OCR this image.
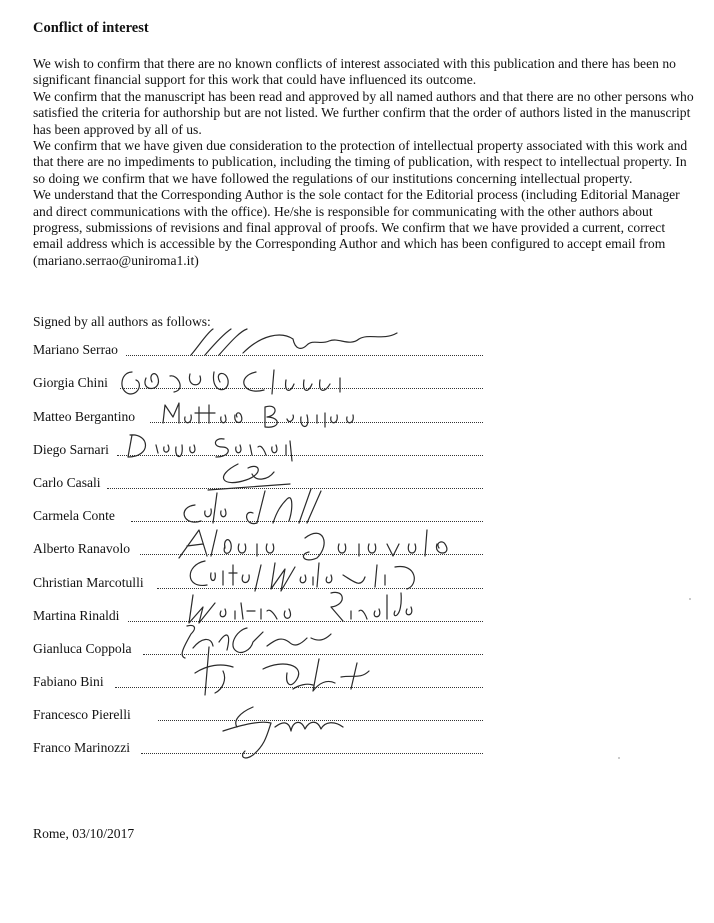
Conflict of interest

We wish to confirm that there are no known conflicts of interest associated with this publication and there has been no significant financial support for this work that could have influenced its outcome.

We confirm that the manuscript has been read and approved by all named authors and that there are no other persons who satisfied the criteria for authorship but are not listed. We further confirm that the order of authors listed in the manuscript has been approved by all of us.

We confirm that we have given due consideration to the protection of intellectual property associated with this work and that there are no impediments to publication, including the timing of publication, with respect to intellectual property. In so doing we confirm that we have followed the regulations of our institutions concerning intellectual property.

We understand that the Corresponding Author is the sole contact for the Editorial process (including Editorial Manager and direct communications with the office). He/she is responsible for communicating with the other authors about progress, submissions of revisions and final approval of proofs. We confirm that we have provided a current, correct email address which is accessible by the Corresponding Author and which has been configured to accept email from (mariano.serrao@uniroma1.it)

Signed by all authors as follows:
Mariano Serrao
Giorgia Chini
Matteo Bergantino
Diego Sarnari
Carlo Casali
Carmela Conte
Alberto Ranavolo
Christian Marcotulli
Martina Rinaldi
Gianluca Coppola
Fabiano Bini
Francesco Pierelli
Franco Marinozzi
Rome, 03/10/2017
